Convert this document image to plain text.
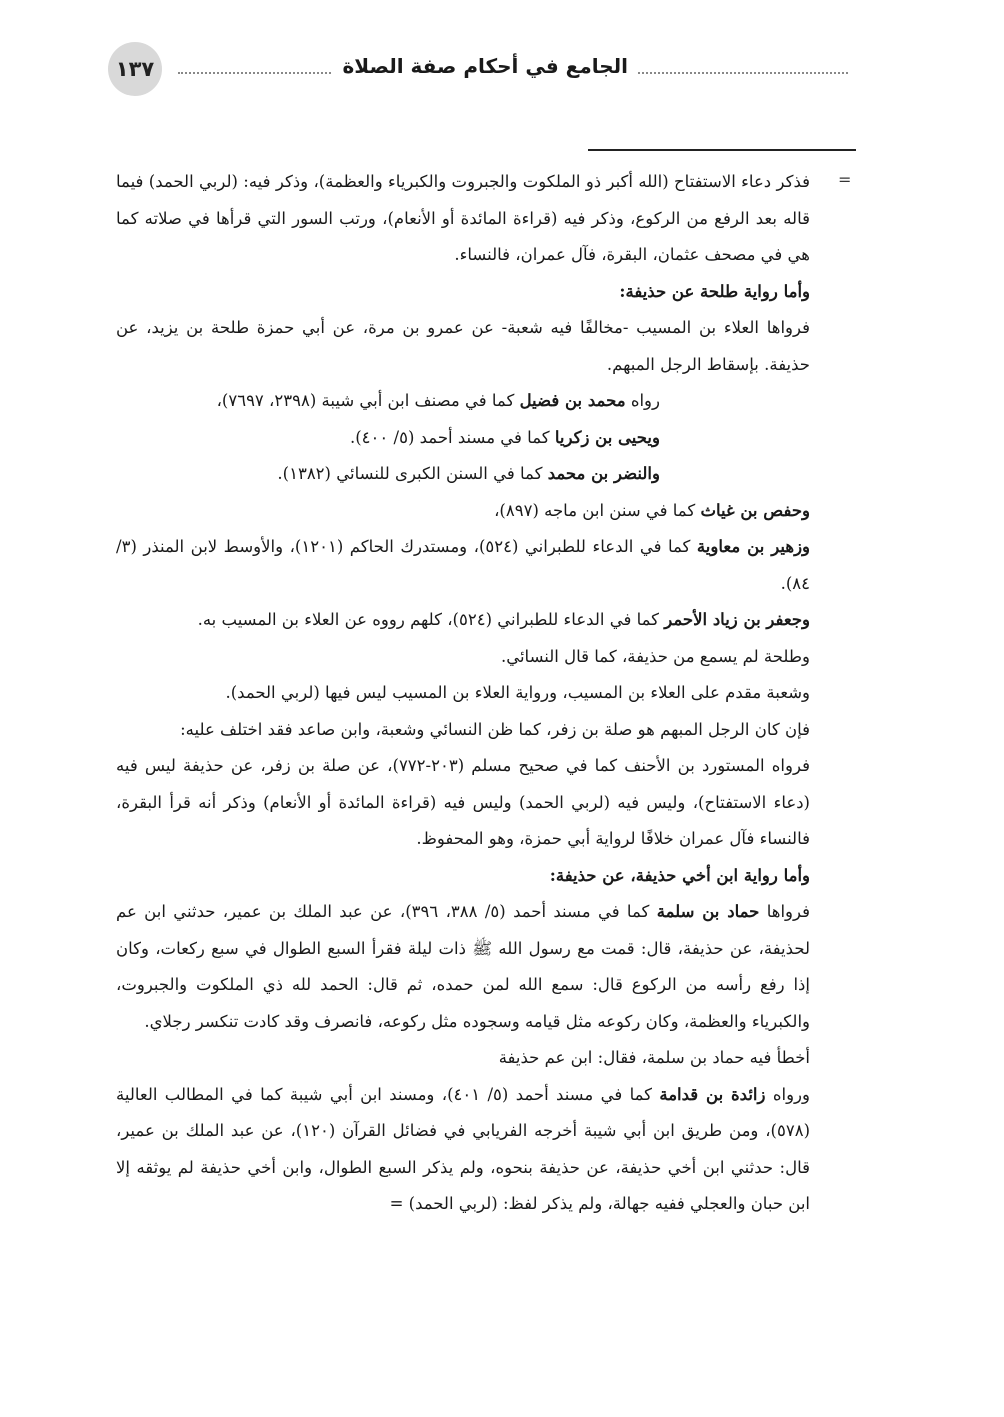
١٣٧	الجامع في أحكام صفة الصلاة
=

فذكر دعاء الاستفتاح (الله أكبر ذو الملكوت والجبروت والكبرياء والعظمة)، وذكر فيه: (لربي الحمد) فيما قاله بعد الرفع من الركوع، وذكر فيه (قراءة المائدة أو الأنعام)، ورتب السور التي قرأها في صلاته كما هي في مصحف عثمان، البقرة، فآل عمران، فالنساء.

وأما رواية طلحة عن حذيفة:

فرواها العلاء بن المسيب -مخالفًا فيه شعبة- عن عمرو بن مرة، عن أبي حمزة طلحة بن يزيد، عن حذيفة. بإسقاط الرجل المبهم.

رواه محمد بن فضيل كما في مصنف ابن أبي شيبة (٢٣٩٨، ٧٦٩٧)،

ويحيى بن زكريا كما في مسند أحمد (٥/ ٤٠٠).

والنضر بن محمد كما في السنن الكبرى للنسائي (١٣٨٢).

وحفص بن غياث كما في سنن ابن ماجه (٨٩٧)،

وزهير بن معاوية كما في الدعاء للطبراني (٥٢٤)، ومستدرك الحاكم (١٢٠١)، والأوسط لابن المنذر (٣/ ٨٤).

وجعفر بن زياد الأحمر كما في الدعاء للطبراني (٥٢٤)، كلهم رووه عن العلاء بن المسيب به.

وطلحة لم يسمع من حذيفة، كما قال النسائي.

وشعبة مقدم على العلاء بن المسيب، ورواية العلاء بن المسيب ليس فيها (لربي الحمد).

فإن كان الرجل المبهم هو صلة بن زفر، كما ظن النسائي وشعبة، وابن صاعد فقد اختلف عليه:

فرواه المستورد بن الأحنف كما في صحيح مسلم (٢٠٣-٧٧٢)، عن صلة بن زفر، عن حذيفة ليس فيه (دعاء الاستفتاح)، وليس فيه (لربي الحمد) وليس فيه (قراءة المائدة أو الأنعام) وذكر أنه قرأ البقرة، فالنساء فآل عمران خلافًا لرواية أبي حمزة، وهو المحفوظ.

وأما رواية ابن أخي حذيفة، عن حذيفة:

فرواها حماد بن سلمة كما في مسند أحمد (٥/ ٣٨٨، ٣٩٦)، عن عبد الملك بن عمير، حدثني ابن عم لحذيفة، عن حذيفة، قال: قمت مع رسول الله ﷺ ذات ليلة فقرأ السبع الطوال في سبع ركعات، وكان إذا رفع رأسه من الركوع قال: سمع الله لمن حمده، ثم قال: الحمد لله ذي الملكوت والجبروت، والكبرياء والعظمة، وكان ركوعه مثل قيامه وسجوده مثل ركوعه، فانصرف وقد كادت تنكسر رجلاي.

أخطأ فيه حماد بن سلمة، فقال: ابن عم حذيفة

ورواه زائدة بن قدامة كما في مسند أحمد (٥/ ٤٠١)، ومسند ابن أبي شيبة كما في المطالب العالية (٥٧٨)، ومن طريق ابن أبي شيبة أخرجه الفريابي في فضائل القرآن (١٢٠)، عن عبد الملك بن عمير، قال: حدثني ابن أخي حذيفة، عن حذيفة بنحوه، ولم يذكر السبع الطوال، وابن أخي حذيفة لم يوثقه إلا ابن حبان والعجلي ففيه جهالة، ولم يذكر لفظ: (لربي الحمد) =
